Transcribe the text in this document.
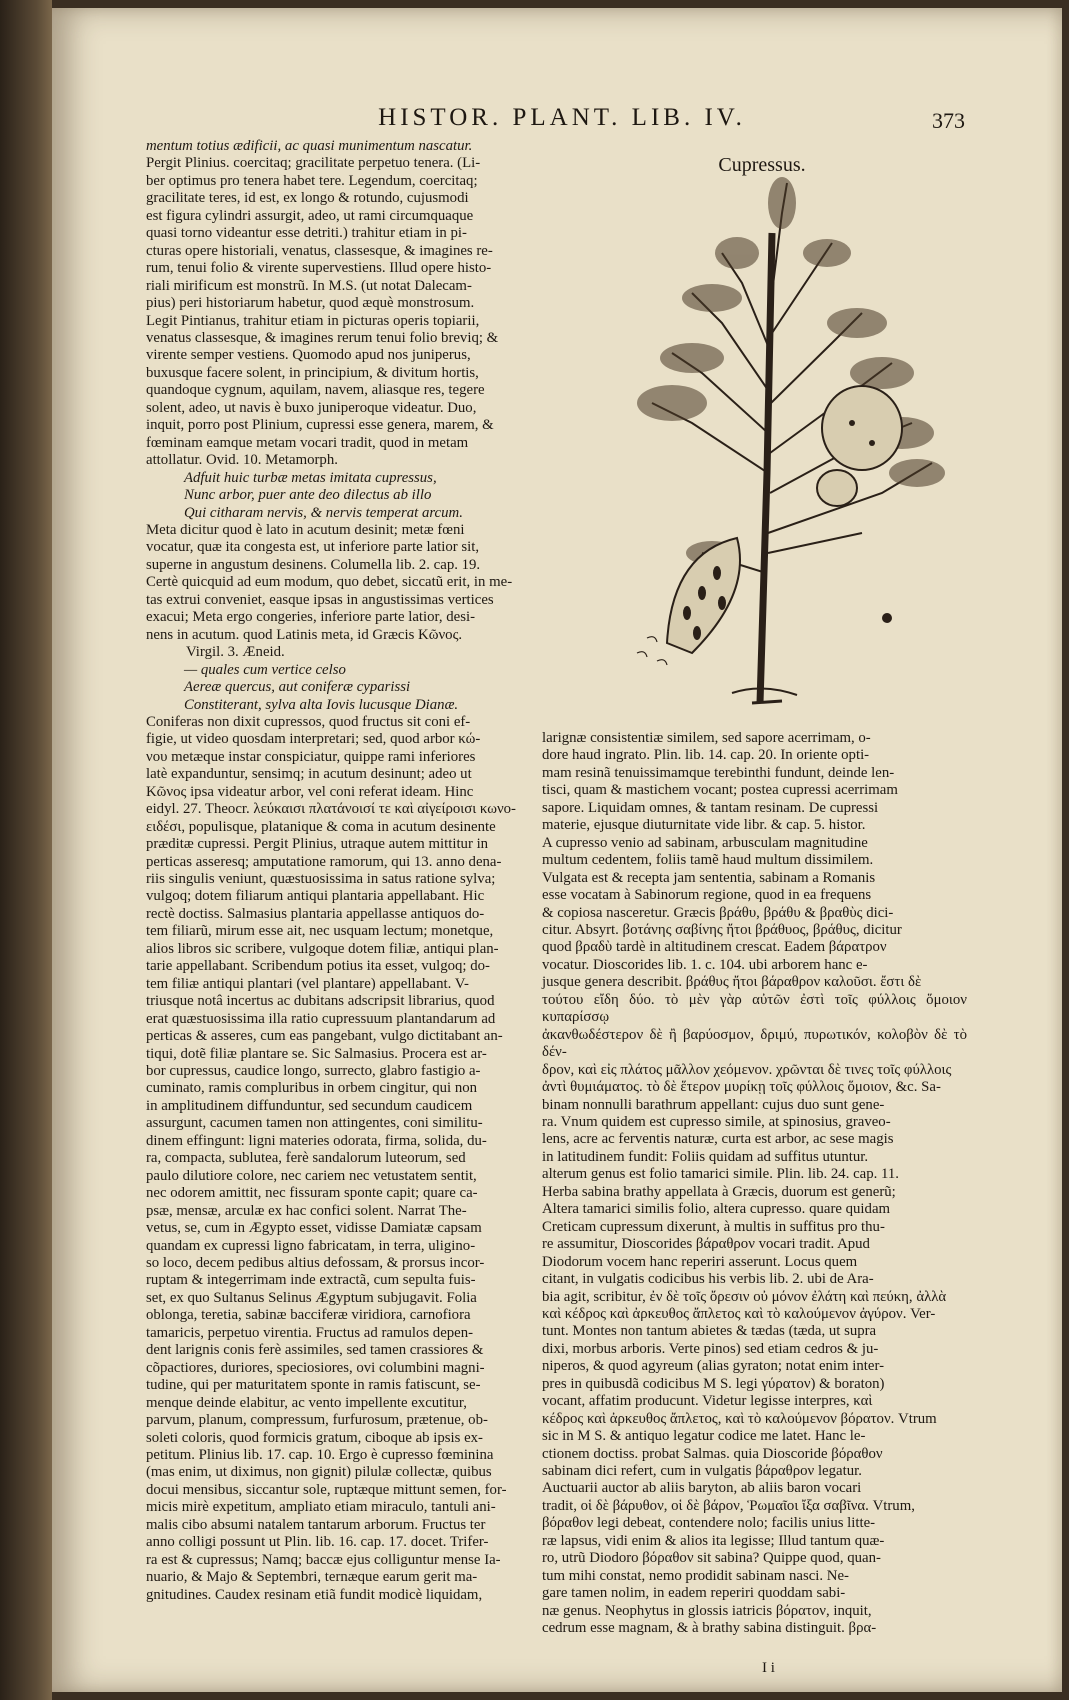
HISTOR. PLANT. LIB. IV.	373
Cupressus.

mentum totius ædificii, ac quasi munimentum nascatur.

Pergit Plinius. coercitaq; gracilitate perpetuo tenera. (Li-

ber optimus pro tenera habet tere. Legendum, coercitaq;

gracilitate teres, id est, ex longo & rotundo, cujusmodi

est figura cylindri assurgit, adeo, ut rami circumquaque

quasi torno videantur esse detriti.) trahitur etiam in pi-

cturas opere historiali, venatus, classesque, & imagines re-

rum, tenui folio & virente supervestiens. Illud opere histo-

riali mirificum est monstrũ. In M.S. (ut notat Dalecam-

pius) peri historiarum habetur, quod æquè monstrosum.

Legit Pintianus, trahitur etiam in picturas operis topiarii,

venatus classesque, & imagines rerum tenui folio breviq; &

virente semper vestiens. Quomodo apud nos juniperus,

buxusque facere solent, in principium, & divitum hortis,

quandoque cygnum, aquilam, navem, aliasque res, tegere

solent, adeo, ut navis è buxo juniperoque videatur. Duo,

inquit, porro post Plinium, cupressi esse genera, marem, &

fœminam eamque metam vocari tradit, quod in metam

attollatur. Ovid. 10. Metamorph.

Adfuit huic turbæ metas imitata cupressus,

Nunc arbor, puer ante deo dilectus ab illo

Qui citharam nervis, & nervis temperat arcum.

Meta dicitur quod è lato in acutum desinit; metæ fœni

vocatur, quæ ita congesta est, ut inferiore parte latior sit,

superne in angustum desinens. Columella lib. 2. cap. 19.

Certè quicquid ad eum modum, quo debet, siccatũ erit, in me-

tas extrui conveniet, easque ipsas in angustissimas vertices

exacui; Meta ergo congeries, inferiore parte latior, desi-

nens in acutum. quod Latinis meta, id Græcis Κῶνος.

Virgil. 3. Æneid.

— quales cum vertice celso

Aereæ quercus, aut coniferæ cyparissi

Constiterant, sylva alta Iovis lucusque Dianæ.

Coniferas non dixit cupressos, quod fructus sit coni ef-

figie, ut video quosdam interpretari; sed, quod arbor κώ-

νου metæque instar conspiciatur, quippe rami inferiores

latè expanduntur, sensimq; in acutum desinunt; adeo ut

Κῶνος ipsa videatur arbor, vel coni referat ideam. Hinc

eidyl. 27. Theocr. λεύκαισι πλατάνοισί τε καὶ αἰγείροισι κωνο-

ειδέσι, populisque, platanique & coma in acutum desinente

præditæ cupressi. Pergit Plinius, utraque autem mittitur in

perticas asseresq; amputatione ramorum, qui 13. anno dena-

riis singulis veniunt, quæstuosissima in satus ratione sylva;

vulgoq; dotem filiarum antiqui plantaria appellabant. Hic

rectè doctiss. Salmasius plantaria appellasse antiquos do-

tem filiarũ, mirum esse ait, nec usquam lectum; monetque,

alios libros sic scribere, vulgoque dotem filiæ, antiqui plan-

tarie appellabant. Scribendum potius ita esset, vulgoq; do-

tem filiæ antiqui plantari (vel plantare) appellabant. V-

triusque notâ incertus ac dubitans adscripsit librarius, quod

erat quæstuosissima illa ratio cupressuum plantandarum ad

perticas & asseres, cum eas pangebant, vulgo dictitabant an-

tiqui, dotẽ filiæ plantare se. Sic Salmasius. Procera est ar-

bor cupressus, caudice longo, surrecto, glabro fastigio a-

cuminato, ramis compluribus in orbem cingitur, qui non

in amplitudinem diffunduntur, sed secundum caudicem

assurgunt, cacumen tamen non attingentes, coni similitu-

dinem effingunt: ligni materies odorata, firma, solida, du-

ra, compacta, sublutea, ferè sandalorum luteorum, sed

paulo dilutiore colore, nec cariem nec vetustatem sentit,

nec odorem amittit, nec fissuram sponte capit; quare ca-

psæ, mensæ, arculæ ex hac confici solent. Narrat The-

vetus, se, cum in Ægypto esset, vidisse Damiatæ capsam

quandam ex cupressi ligno fabricatam, in terra, uligino-

so loco, decem pedibus altius defossam, & prorsus incor-

ruptam & integerrimam inde extractã, cum sepulta fuis-

set, ex quo Sultanus Selinus Ægyptum subjugavit. Folia

oblonga, teretia, sabinæ bacciferæ viridiora, carnofiora

tamaricis, perpetuo virentia. Fructus ad ramulos depen-

dent larignis conis ferè assimiles, sed tamen crassiores &

cõpactiores, duriores, speciosiores, ovi columbini magni-

tudine, qui per maturitatem sponte in ramis fatiscunt, se-

menque deinde elabitur, ac vento impellente excutitur,

parvum, planum, compressum, furfurosum, prætenue, ob-

soleti coloris, quod formicis gratum, ciboque ab ipsis ex-

petitum. Plinius lib. 17. cap. 10. Ergo è cupresso fœminina

(mas enim, ut diximus, non gignit) pilulæ collectæ, quibus

docui mensibus, siccantur sole, ruptæque mittunt semen, for-

micis mirè expetitum, ampliato etiam miraculo, tantuli ani-

malis cibo absumi natalem tantarum arborum. Fructus ter

anno colligi possunt ut Plin. lib. 16. cap. 17. docet. Trifer-

ra est & cupressus; Namq; baccæ ejus colliguntur mense Ia-

nuario, & Majo & Septembri, ternæque earum gerit ma-

gnitudines. Caudex resinam etiã fundit modicè liquidam,

larignæ consistentiæ similem, sed sapore acerrimam, o-

dore haud ingrato. Plin. lib. 14. cap. 20. In oriente opti-

mam resinã tenuissimamque terebinthi fundunt, deinde len-

tisci, quam & mastichem vocant; postea cupressi acerrimam

sapore. Liquidam omnes, & tantam resinam. De cupressi

materie, ejusque diuturnitate vide libr. & cap. 5. histor.

A cupresso venio ad sabinam, arbusculam magnitudine

multum cedentem, foliis tamẽ haud multum dissimilem.

Vulgata est & recepta jam sententia, sabinam a Romanis

esse vocatam à Sabinorum regione, quod in ea frequens

& copiosa nasceretur. Græcis βράθυ, βράθυ & βραθὺς dici-

citur. Absyrt. βοτάνης σαβίνης ἤτοι βράθυος, βράθυς, dicitur

quod βραδὺ tardè in altitudinem crescat. Eadem βάρατρον

vocatur. Dioscorides lib. 1. c. 104. ubi arborem hanc e-

jusque genera describit. βράθυς ἤτοι βάραθρον καλοῦσι. ἔστι δὲ

τούτου εἴδη δύο. τὸ μὲν γὰρ αὐτῶν ἐστὶ τοῖς φύλλοις ὅμοιον κυπαρίσσῳ

ἀκανθωδέστερον δὲ ἢ βαρύοσμον, δριμύ, πυρωτικόν, κολοβὸν δὲ τὸ δέν-

δρον, καὶ εἰς πλάτος μᾶλλον χεόμενον. χρῶνται δὲ τινες τοῖς φύλλοις

ἀντὶ θυμιάματος. τὸ δὲ ἕτερον μυρίκῃ τοῖς φύλλοις ὅμοιον, &c. Sa-

binam nonnulli barathrum appellant: cujus duo sunt gene-

ra. Vnum quidem est cupresso simile, at spinosius, graveo-

lens, acre ac ferventis naturæ, curta est arbor, ac sese magis

in latitudinem fundit: Foliis quidam ad suffitus utuntur.

alterum genus est folio tamarici simile. Plin. lib. 24. cap. 11.

Herba sabina brathy appellata à Græcis, duorum est generũ;

Altera tamarici similis folio, altera cupresso. quare quidam

Creticam cupressum dixerunt, à multis in suffitus pro thu-

re assumitur, Dioscorides βάραθρον vocari tradit. Apud

Diodorum vocem hanc reperiri asserunt. Locus quem

citant, in vulgatis codicibus his verbis lib. 2. ubi de Ara-

bia agit, scribitur, ἐν δὲ τοῖς ὄρεσιν οὐ μόνον ἐλάτη καὶ πεύκη, ἀλλὰ

καὶ κέδρος καὶ ἀρκευθος ἄπλετος καὶ τὸ καλούμενον ἀγύρον. Ver-

tunt. Montes non tantum abietes & tædas (tæda, ut supra

dixi, morbus arboris. Verte pinos) sed etiam cedros & ju-

niperos, & quod agyreum (alias gyraton; notat enim inter-

pres in quibusdã codicibus M S. legi γύρατον) & boraton)

vocant, affatim producunt. Videtur legisse interpres, καὶ

κέδρος καὶ ἀρκευθος ἄπλετος, καὶ τὸ καλούμενον βόρατον. Vtrum

sic in M S. & antiquo legatur codice me latet. Hanc le-

ctionem doctiss. probat Salmas. quia Dioscoride βόραθον

sabinam dici refert, cum in vulgatis βάραθρον legatur.

Auctuarii auctor ab aliis baryton, ab aliis baron vocari

tradit, οἱ δὲ βάρυθον, οἱ δὲ βάρον, Ῥωμαῖοι ἴξα σαβῖνα. Vtrum,

βόραθον legi debeat, contendere nolo; facilis unius litte-

ræ lapsus, vidi enim & alios ita legisse; Illud tantum quæ-

ro, utrũ Diodoro βόραθον sit sabina? Quippe quod, quan-

tum mihi constat, nemo prodidit sabinam nasci. Ne-

gare tamen nolim, in eadem reperiri quoddam sabi-

næ genus. Neophytus in glossis iatricis βόρατον, inquit,

cedrum esse magnam, & à brathy sabina distinguit. βρα-

I i
